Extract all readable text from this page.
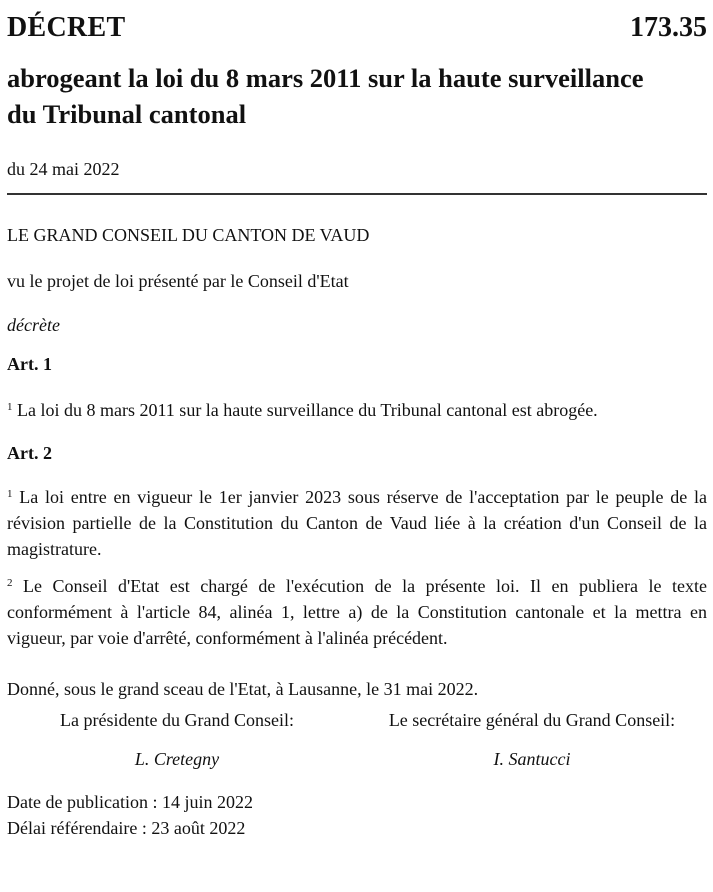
DÉCRET	173.35
abrogeant la loi du 8 mars 2011 sur la haute surveillance
du Tribunal cantonal
du 24 mai 2022
LE GRAND CONSEIL DU CANTON DE VAUD
vu le projet de loi présenté par le Conseil d'Etat
décrète
Art. 1
$^1$ La loi du 8 mars 2011 sur la haute surveillance du Tribunal cantonal est abrogée.
Art. 2
$^1$ La loi entre en vigueur le 1er janvier 2023 sous réserve de l'acceptation par le peuple de la révision partielle de la Constitution du Canton de Vaud liée à la création d'un Conseil de la magistrature.
$^2$ Le Conseil d'Etat est chargé de l'exécution de la présente loi. Il en publiera le texte conformément à l'article 84, alinéa 1, lettre a) de la Constitution cantonale et la mettra en vigueur, par voie d'arrêté, conformément à l'alinéa précédent.
Donné, sous le grand sceau de l'Etat, à Lausanne, le 31 mai 2022.
La présidente du Grand Conseil:	Le secrétaire général du Grand Conseil:
L. Cretegny	I. Santucci
Date de publication : 14 juin 2022
Délai référendaire : 23 août 2022
